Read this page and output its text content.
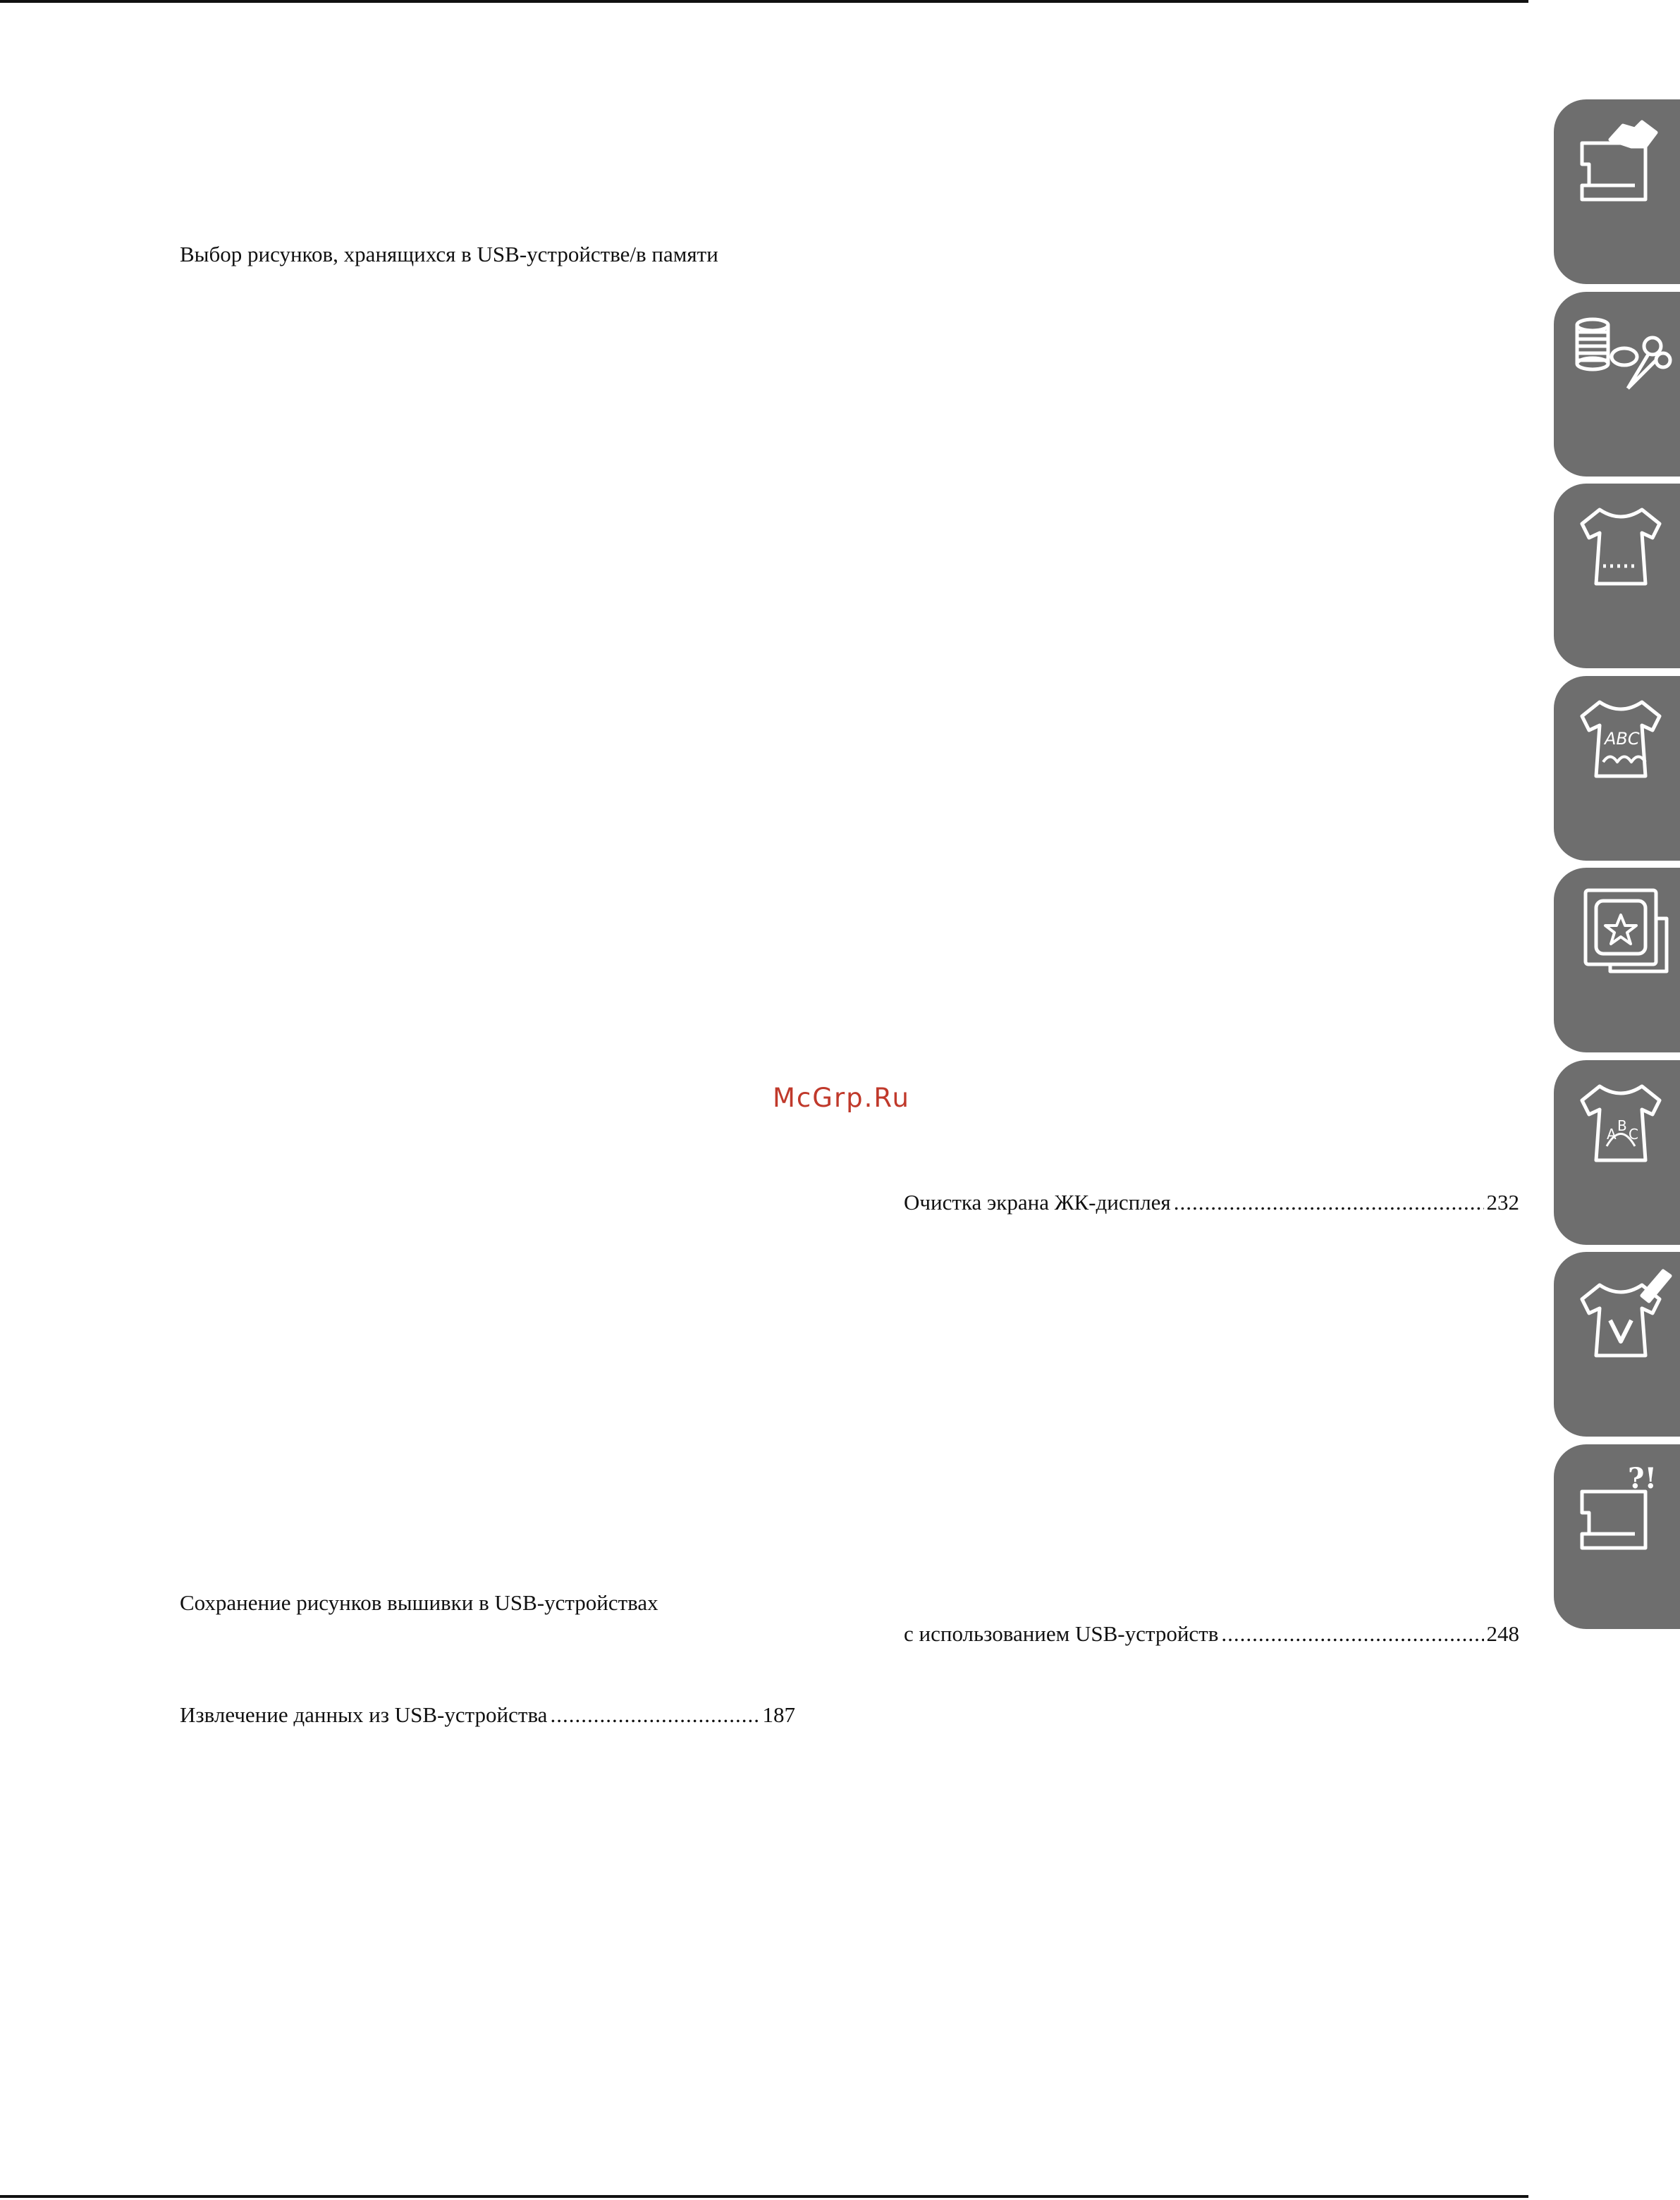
Выбор рисунков, хранящихся в USB-устройстве/в памяти
Сохранение рисунков вышивки в USB-устройствах
Извлечение данных из USB-устройства .....	187
McGrp.Ru
Очистка экрана ЖК-дисплея .....	232
с использованием USB-устройств .....	248
ABC
A B C
?!
